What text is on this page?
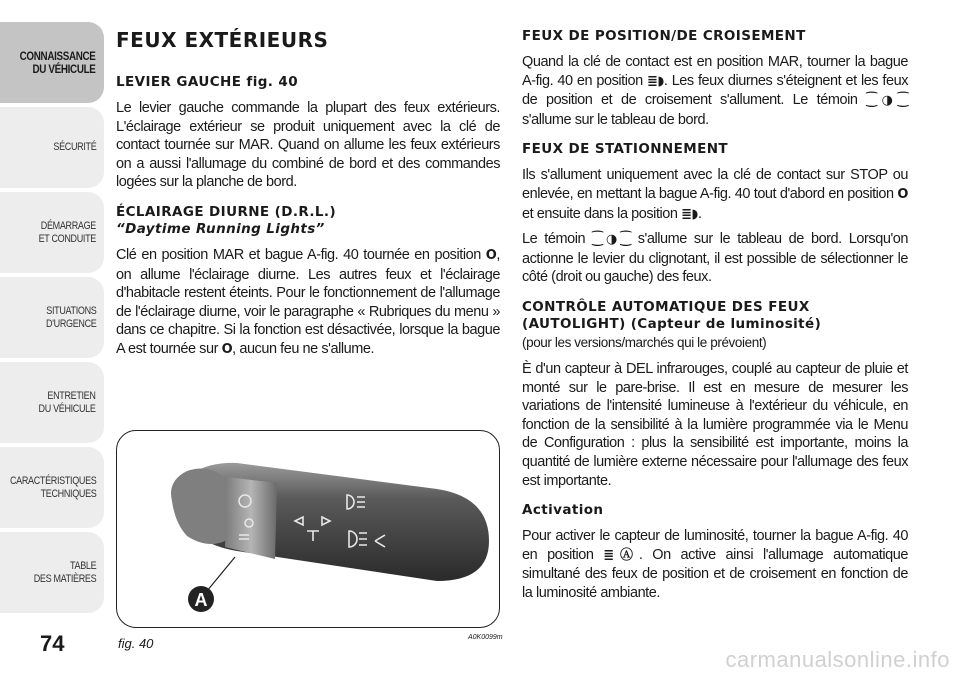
CONNAISSANCE
DU VÉHICULE
SÉCURITÉ
DÉMARRAGE
ET CONDUITE
SITUATIONS
D'URGENCE
ENTRETIEN
DU VÉHICULE
CARACTÉRISTIQUES
TECHNIQUES
TABLE
DES MATIÈRES
74
FEUX EXTÉRIEURS
LEVIER GAUCHE fig. 40

Le levier gauche commande la plupart des feux extérieurs. L'éclairage extérieur se produit uniquement avec la clé de contact tournée sur MAR. Quand on allume les feux extérieurs on a aussi l'allumage du combiné de bord et des commandes logées sur la planche de bord.

ÉCLAIRAGE DIURNE (D.R.L.)
“Daytime Running Lights”

Clé en position MAR et bague A-fig. 40 tournée en position O, on allume l'éclairage diurne. Les autres feux et l'éclairage d'habitacle restent éteints. Pour le fonctionnement de l'allumage de l'éclairage diurne, voir le paragraphe « Rubriques du menu » dans ce chapitre. Si la fonction est désactivée, lorsque la bague A est tournée sur O, aucun feu ne s'allume.

A
fig. 40	A0K0099m
FEUX DE POSITION/DE CROISEMENT

Quand la clé de contact est en position MAR, tourner la bague A-fig. 40 en position ≣◗. Les feux diurnes s'éteignent et les feux de position et de croisement s'allument. Le témoin ⁐◑⁐ s'allume sur le tableau de bord.

FEUX DE STATIONNEMENT

Ils s'allument uniquement avec la clé de contact sur STOP ou enlevée, en mettant la bague A-fig. 40 tout d'abord en position O et ensuite dans la position ≣◗.

Le témoin ⁐◑⁐ s'allume sur le tableau de bord. Lorsqu'on actionne le levier du clignotant, il est possible de sélectionner le côté (droit ou gauche) des feux.

CONTRÔLE AUTOMATIQUE DES FEUX
(AUTOLIGHT) (Capteur de luminosité)
(pour les versions/marchés qui le prévoient)

È d'un capteur à DEL infrarouges, couplé au capteur de pluie et monté sur le pare-brise. Il est en mesure de mesurer les variations de l'intensité lumineuse à l'extérieur du véhicule, en fonction de la sensibilité à la lumière programmée via le Menu de Configuration : plus la sensibilité est importante, moins la quantité de lumière externe nécessaire pour l'allumage des feux est importante.

Activation

Pour activer le capteur de luminosité, tourner la bague A-fig. 40 en position ≣Ⓐ. On active ainsi l'allumage automatique simultané des feux de position et de croisement en fonction de la luminosité ambiante.

carmanualsonline.info
